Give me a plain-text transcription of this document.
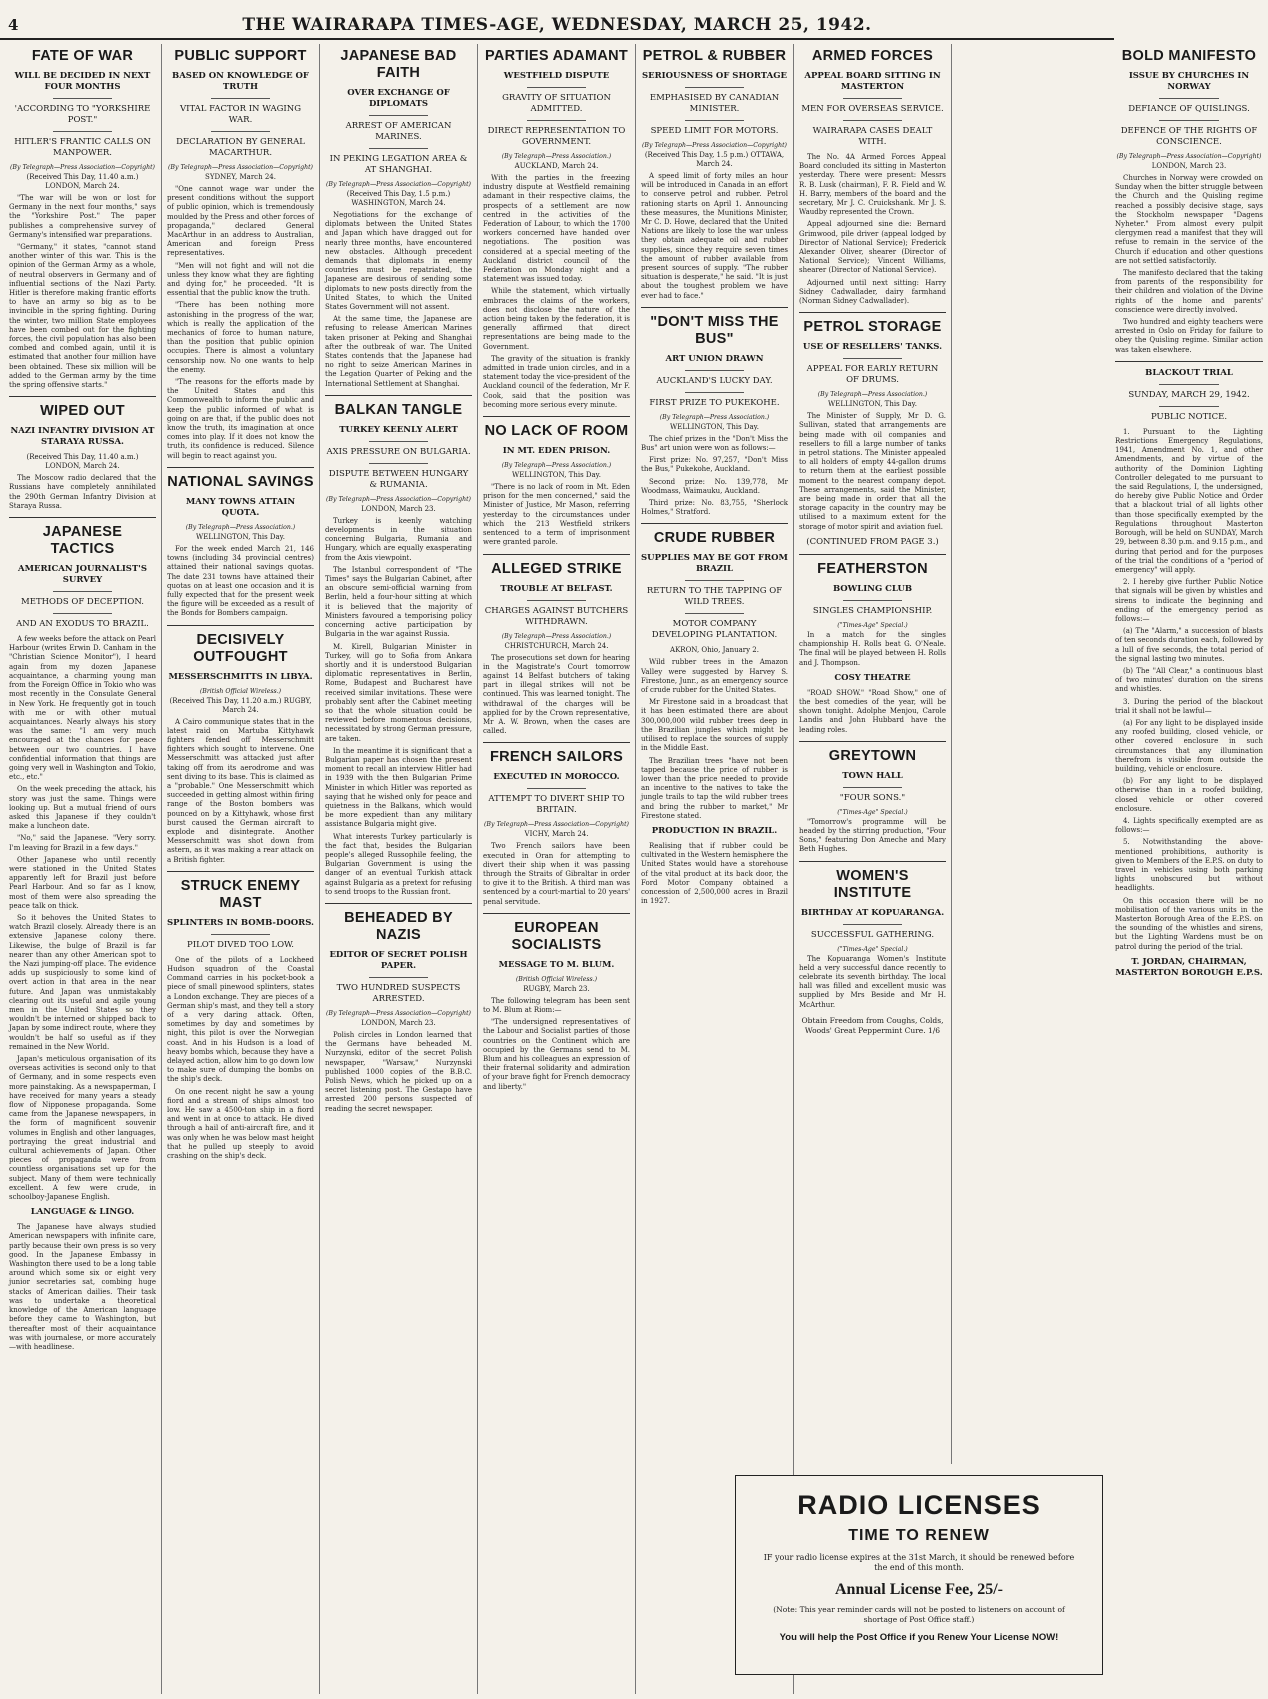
4	THE WAIRARAPA TIMES-AGE, WEDNESDAY, MARCH 25, 1942.
FATE OF WAR
WILL BE DECIDED IN NEXT FOUR MONTHS
'ACCORDING TO "YORKSHIRE POST."
HITLER'S FRANTIC CALLS ON MANPOWER.
(By Telegraph—Press Association—Copyright)
(Received This Day, 11.40 a.m.) LONDON, March 24.

"The war will be won or lost for Germany in the next four months," says the "Yorkshire Post." The paper publishes a comprehensive survey of Germany's intensified war preparations.

"Germany," it states, "cannot stand another winter of this war. This is the opinion of the German Army as a whole, of neutral observers in Germany and of influential sections of the Nazi Party. Hitler is therefore making frantic efforts to have an army so big as to be invincible in the spring fighting. During the winter, two million State employees have been combed out for the fighting forces, the civil population has also been combed and combed again, until it is estimated that another four million have been obtained. These six million will be added to the German army by the time the spring offensive starts."

WIPED OUT
NAZI INFANTRY DIVISION AT STARAYA RUSSA.
(Received This Day, 11.40 a.m.) LONDON, March 24.

The Moscow radio declared that the Russians have completely annihilated the 290th German Infantry Division at Staraya Russa.

JAPANESE TACTICS
AMERICAN JOURNALIST'S SURVEY
METHODS OF DECEPTION.
AND AN EXODUS TO BRAZIL.

A few weeks before the attack on Pearl Harbour (writes Erwin D. Canham in the "Christian Science Monitor"), I heard again from my dozen Japanese acquaintance, a charming young man from the Foreign Office in Tokio who was most recently in the Consulate General in New York. He frequently got in touch with me or with other mutual acquaintances. Nearly always his story was the same: "I am very much encouraged at the chances for peace between our two countries. I have confidential information that things are going very well in Washington and Tokio, etc., etc."

On the week preceding the attack, his story was just the same. Things were looking up. But a mutual friend of ours asked this Japanese if they couldn't make a luncheon date.

"No," said the Japanese. "Very sorry. I'm leaving for Brazil in a few days."

Other Japanese who until recently were stationed in the United States apparently left for Brazil just before Pearl Harbour. And so far as I know, most of them were also spreading the peace talk on thick.

So it behoves the United States to watch Brazil closely. Already there is an extensive Japanese colony there. Likewise, the bulge of Brazil is far nearer than any other American spot to the Nazi jumping-off place. The evidence adds up suspiciously to some kind of overt action in that area in the near future. And Japan was unmistakably clearing out its useful and agile young men in the United States so they wouldn't be interned or shipped back to Japan by some indirect route, where they wouldn't be half so useful as if they remained in the New World.

Japan's meticulous organisation of its overseas activities is second only to that of Germany, and in some respects even more painstaking. As a newspaperman, I have received for many years a steady flow of Nipponese propaganda. Some came from the Japanese newspapers, in the form of magnificent souvenir volumes in English and other languages, portraying the great industrial and cultural achievements of Japan. Other pieces of propaganda were from countless organisations set up for the subject. Many of them were technically excellent. A few were crude, in schoolboy-Japanese English.

LANGUAGE & LINGO.

The Japanese have always studied American newspapers with infinite care, partly because their own press is so very good. In the Japanese Embassy in Washington there used to be a long table around which some six or eight very junior secretaries sat, combing huge stacks of American dailies. Their task was to undertake a theoretical knowledge of the American language before they came to Washington, but thereafter most of their acquaintance was with journalese, or more accurately—with headlinese.

PUBLIC SUPPORT
BASED ON KNOWLEDGE OF TRUTH
VITAL FACTOR IN WAGING WAR.
DECLARATION BY GENERAL MACARTHUR.
(By Telegraph—Press Association—Copyright)
SYDNEY, March 24.

"One cannot wage war under the present conditions without the support of public opinion, which is tremendously moulded by the Press and other forces of propaganda," declared General MacArthur in an address to Australian, American and foreign Press representatives.

"Men will not fight and will not die unless they know what they are fighting and dying for," he proceeded. "It is essential that the public know the truth.

"There has been nothing more astonishing in the progress of the war, which is really the application of the mechanics of force to human nature, than the position that public opinion occupies. There is almost a voluntary censorship now. No one wants to help the enemy.

"The reasons for the efforts made by the United States and this Commonwealth to inform the public and keep the public informed of what is going on are that, if the public does not know the truth, its imagination at once comes into play. If it does not know the truth, its confidence is reduced. Silence will begin to react against you.

NATIONAL SAVINGS
MANY TOWNS ATTAIN QUOTA.
(By Telegraph—Press Association.)
WELLINGTON, This Day.

For the week ended March 21, 146 towns (including 34 provincial centres) attained their national savings quotas. The date 231 towns have attained their quotas on at least one occasion and it is fully expected that for the present week the figure will be exceeded as a result of the Bonds for Bombers campaign.

DECISIVELY OUTFOUGHT
MESSERSCHMITTS IN LIBYA.
(British Official Wireless.)
(Received This Day, 11.20 a.m.) RUGBY, March 24.

A Cairo communique states that in the latest raid on Martuba Kittyhawk fighters fended off Messerschmitt fighters which sought to intervene. One Messerschmitt was attacked just after taking off from its aerodrome and was sent diving to its base. This is claimed as a "probable." One Messerschmitt which succeeded in getting almost within firing range of the Boston bombers was pounced on by a Kittyhawk, whose first burst caused the German aircraft to explode and disintegrate. Another Messerschmitt was shot down from astern, as it was making a rear attack on a British fighter.

STRUCK ENEMY MAST
SPLINTERS IN BOMB-DOORS.
PILOT DIVED TOO LOW.

One of the pilots of a Lockheed Hudson squadron of the Coastal Command carries in his pocket-book a piece of small pinewood splinters, states a London exchange. They are pieces of a German ship's mast, and they tell a story of a very daring attack. Often, sometimes by day and sometimes by night, this pilot is over the Norwegian coast. And in his Hudson is a load of heavy bombs which, because they have a delayed action, allow him to go down low to make sure of dumping the bombs on the ship's deck.

On one recent night he saw a young fiord and a stream of ships almost too low. He saw a 4500-ton ship in a fiord and went in at once to attack. He dived through a hail of anti-aircraft fire, and it was only when he was below mast height that he pulled up steeply to avoid crashing on the ship's deck.

JAPANESE BAD FAITH
OVER EXCHANGE OF DIPLOMATS
ARREST OF AMERICAN MARINES.
IN PEKING LEGATION AREA & AT SHANGHAI.
(By Telegraph—Press Association—Copyright)
(Received This Day, 1.5 p.m.) WASHINGTON, March 24.

Negotiations for the exchange of diplomats between the United States and Japan which have dragged out for nearly three months, have encountered new obstacles. Although precedent demands that diplomats in enemy countries must be repatriated, the Japanese are desirous of sending some diplomats to new posts directly from the United States, to which the United States Government will not assent.

At the same time, the Japanese are refusing to release American Marines taken prisoner at Peking and Shanghai after the outbreak of war. The United States contends that the Japanese had no right to seize American Marines in the Legation Quarter of Peking and the International Settlement at Shanghai.

BALKAN TANGLE
TURKEY KEENLY ALERT
AXIS PRESSURE ON BULGARIA.
DISPUTE BETWEEN HUNGARY & RUMANIA.
(By Telegraph—Press Association—Copyright)
LONDON, March 23.

Turkey is keenly watching developments in the situation concerning Bulgaria, Rumania and Hungary, which are equally exasperating from the Axis viewpoint.

The Istanbul correspondent of "The Times" says the Bulgarian Cabinet, after an obscure semi-official warning from Berlin, held a four-hour sitting at which it is believed that the majority of Ministers favoured a temporising policy concerning active participation by Bulgaria in the war against Russia.

M. Kirell, Bulgarian Minister in Turkey, will go to Sofia from Ankara shortly and it is understood Bulgarian diplomatic representatives in Berlin, Rome, Budapest and Bucharest have received similar invitations. These were probably sent after the Cabinet meeting so that the whole situation could be reviewed before momentous decisions, necessitated by strong German pressure, are taken.

In the meantime it is significant that a Bulgarian paper has chosen the present moment to recall an interview Hitler had in 1939 with the then Bulgarian Prime Minister in which Hitler was reported as saying that he wished only for peace and quietness in the Balkans, which would be more expedient than any military assistance Bulgaria might give.

What interests Turkey particularly is the fact that, besides the Bulgarian people's alleged Russophile feeling, the Bulgarian Government is using the danger of an eventual Turkish attack against Bulgaria as a pretext for refusing to send troops to the Russian front.

BEHEADED BY NAZIS
EDITOR OF SECRET POLISH PAPER.
TWO HUNDRED SUSPECTS ARRESTED.
(By Telegraph—Press Association—Copyright)
LONDON, March 23.

Polish circles in London learned that the Germans have beheaded M. Nurzynski, editor of the secret Polish newspaper, "Warsaw," Nurzynski published 1000 copies of the B.B.C. Polish News, which he picked up on a secret listening post. The Gestapo have arrested 200 persons suspected of reading the secret newspaper.

PARTIES ADAMANT
WESTFIELD DISPUTE
GRAVITY OF SITUATION ADMITTED.
DIRECT REPRESENTATION TO GOVERNMENT.
(By Telegraph—Press Association.)
AUCKLAND, March 24.

With the parties in the freezing industry dispute at Westfield remaining adamant in their respective claims, the prospects of a settlement are now centred in the activities of the Federation of Labour, to which the 1700 workers concerned have handed over negotiations. The position was considered at a special meeting of the Auckland district council of the Federation on Monday night and a statement was issued today.

While the statement, which virtually embraces the claims of the workers, does not disclose the nature of the action being taken by the federation, it is generally affirmed that direct representations are being made to the Government.

The gravity of the situation is frankly admitted in trade union circles, and in a statement today the vice-president of the Auckland council of the federation, Mr F. Cook, said that the position was becoming more serious every minute.

NO LACK OF ROOM
IN MT. EDEN PRISON.
(By Telegraph—Press Association.)
WELLINGTON, This Day.

"There is no lack of room in Mt. Eden prison for the men concerned," said the Minister of Justice, Mr Mason, referring yesterday to the circumstances under which the 213 Westfield strikers sentenced to a term of imprisonment were granted parole.

ALLEGED STRIKE
TROUBLE AT BELFAST.
CHARGES AGAINST BUTCHERS WITHDRAWN.
(By Telegraph—Press Association.)
CHRISTCHURCH, March 24.

The prosecutions set down for hearing in the Magistrate's Court tomorrow against 14 Belfast butchers of taking part in illegal strikes will not be continued. This was learned tonight. The withdrawal of the charges will be applied for by the Crown representative, Mr A. W. Brown, when the cases are called.

FRENCH SAILORS
EXECUTED IN MOROCCO.
ATTEMPT TO DIVERT SHIP TO BRITAIN.
(By Telegraph—Press Association—Copyright)
VICHY, March 24.

Two French sailors have been executed in Oran for attempting to divert their ship when it was passing through the Straits of Gibraltar in order to give it to the British. A third man was sentenced by a court-martial to 20 years' penal servitude.

EUROPEAN SOCIALISTS
MESSAGE TO M. BLUM.
(British Official Wireless.)
RUGBY, March 23.

The following telegram has been sent to M. Blum at Riom:—

"The undersigned representatives of the Labour and Socialist parties of those countries on the Continent which are occupied by the Germans send to M. Blum and his colleagues an expression of their fraternal solidarity and admiration of your brave fight for French democracy and liberty."

PETROL & RUBBER
SERIOUSNESS OF SHORTAGE
EMPHASISED BY CANADIAN MINISTER.
SPEED LIMIT FOR MOTORS.
(By Telegraph—Press Association—Copyright)
(Received This Day, 1.5 p.m.) OTTAWA, March 24.

A speed limit of forty miles an hour will be introduced in Canada in an effort to conserve petrol and rubber. Petrol rationing starts on April 1. Announcing these measures, the Munitions Minister, Mr C. D. Howe, declared that the United Nations are likely to lose the war unless they obtain adequate oil and rubber supplies, since they require seven times the amount of rubber available from present sources of supply. "The rubber situation is desperate," he said. "It is just about the toughest problem we have ever had to face."

"DON'T MISS THE BUS"
ART UNION DRAWN
AUCKLAND'S LUCKY DAY.
FIRST PRIZE TO PUKEKOHE.
(By Telegraph—Press Association.)
WELLINGTON, This Day.

The chief prizes in the "Don't Miss the Bus" art union were won as follows:—

First prize: No. 97,257, "Don't Miss the Bus," Pukekohe, Auckland.

Second prize: No. 139,778, Mr Woodmass, Waimauku, Auckland.

Third prize: No. 83,755, "Sherlock Holmes," Stratford.

CRUDE RUBBER
SUPPLIES MAY BE GOT FROM BRAZIL
RETURN TO THE TAPPING OF WILD TREES.
MOTOR COMPANY DEVELOPING PLANTATION.
AKRON, Ohio, January 2.

Wild rubber trees in the Amazon Valley were suggested by Harvey S. Firestone, Junr., as an emergency source of crude rubber for the United States.

Mr Firestone said in a broadcast that it has been estimated there are about 300,000,000 wild rubber trees deep in the Brazilian jungles which might be utilised to replace the sources of supply in the Middle East.

The Brazilian trees "have not been tapped because the price of rubber is lower than the price needed to provide an incentive to the natives to take the jungle trails to tap the wild rubber trees and bring the rubber to market," Mr Firestone stated.

PRODUCTION IN BRAZIL.

Realising that if rubber could be cultivated in the Western hemisphere the United States would have a storehouse of the vital product at its back door, the Ford Motor Company obtained a concession of 2,500,000 acres in Brazil in 1927.

ARMED FORCES
APPEAL BOARD SITTING IN MASTERTON
MEN FOR OVERSEAS SERVICE.
WAIRARAPA CASES DEALT WITH.

The No. 4A Armed Forces Appeal Board concluded its sitting in Masterton yesterday. There were present: Messrs R. B. Lusk (chairman), F. R. Field and W. H. Barry, members of the board and the secretary, Mr J. C. Cruickshank. Mr J. S. Waudby represented the Crown.

Appeal adjourned sine die: Bernard Grimwood, pile driver (appeal lodged by Director of National Service); Frederick Alexander Oliver, shearer (Director of National Service); Vincent Williams, shearer (Director of National Service).

Adjourned until next sitting: Harry Sidney Cadwallader, dairy farmhand (Norman Sidney Cadwallader).

PETROL STORAGE
USE OF RESELLERS' TANKS.
APPEAL FOR EARLY RETURN OF DRUMS.
(By Telegraph—Press Association.)
WELLINGTON, This Day.

The Minister of Supply, Mr D. G. Sullivan, stated that arrangements are being made with oil companies and resellers to fill a large number of tanks in petrol stations. The Minister appealed to all holders of empty 44-gallon drums to return them at the earliest possible moment to the nearest company depot. These arrangements, said the Minister, are being made in order that all the storage capacity in the country may be utilised to a maximum extent for the storage of motor spirit and aviation fuel.

(CONTINUED FROM PAGE 3.)
FEATHERSTON
BOWLING CLUB
SINGLES CHAMPIONSHIP.
("Times-Age" Special.)

In a match for the singles championship H. Rolls beat G. O'Neale. The final will be played between H. Rolls and J. Thompson.

COSY THEATRE

"ROAD SHOW." "Road Show," one of the best comedies of the year, will be shown tonight. Adolphe Menjou, Carole Landis and John Hubbard have the leading roles.

GREYTOWN
TOWN HALL
"FOUR SONS."
("Times-Age" Special.)

"Tomorrow's programme will be headed by the stirring production, "Four Sons," featuring Don Ameche and Mary Beth Hughes.

WOMEN'S INSTITUTE
BIRTHDAY AT KOPUARANGA.
SUCCESSFUL GATHERING.
("Times-Age" Special.)

The Kopuaranga Women's Institute held a very successful dance recently to celebrate its seventh birthday. The local hall was filled and excellent music was supplied by Mrs Beside and Mr H. McArthur.

Obtain Freedom from Coughs, Colds, Woods' Great Peppermint Cure. 1/6
BOLD MANIFESTO
ISSUE BY CHURCHES IN NORWAY
DEFIANCE OF QUISLINGS.
DEFENCE OF THE RIGHTS OF CONSCIENCE.
(By Telegraph—Press Association—Copyright)
LONDON, March 23.

Churches in Norway were crowded on Sunday when the bitter struggle between the Church and the Quisling regime reached a possibly decisive stage, says the Stockholm newspaper "Dagens Nyheter." From almost every pulpit clergymen read a manifest that they will refuse to remain in the service of the Church if education and other questions are not settled satisfactorily.

The manifesto declared that the taking from parents of the responsibility for their children and violation of the Divine rights of the home and parents' conscience were directly involved.

Two hundred and eighty teachers were arrested in Oslo on Friday for failure to obey the Quisling regime. Similar action was taken elsewhere.

BLACKOUT TRIAL
SUNDAY, MARCH 29, 1942.
PUBLIC NOTICE.

1. Pursuant to the Lighting Restrictions Emergency Regulations, 1941, Amendment No. 1, and other Amendments, and by virtue of the authority of the Dominion Lighting Controller delegated to me pursuant to the said Regulations, I, the undersigned, do hereby give Public Notice and Order that a blackout trial of all lights other than those specifically exempted by the Regulations throughout Masterton Borough, will be held on SUNDAY, March 29, between 8.30 p.m. and 9.15 p.m., and during that period and for the purposes of the trial the conditions of a "period of emergency" will apply.

2. I hereby give further Public Notice that signals will be given by whistles and sirens to indicate the beginning and ending of the emergency period as follows:—

(a) The "Alarm," a succession of blasts of ten seconds duration each, followed by a lull of five seconds, the total period of the signal lasting two minutes.

(b) The "All Clear," a continuous blast of two minutes' duration on the sirens and whistles.

3. During the period of the blackout trial it shall not be lawful—

(a) For any light to be displayed inside any roofed building, closed vehicle, or other covered enclosure in such circumstances that any illumination therefrom is visible from outside the building, vehicle or enclosure.

(b) For any light to be displayed otherwise than in a roofed building, closed vehicle or other covered enclosure.

4. Lights specifically exempted are as follows:—

5. Notwithstanding the above-mentioned prohibitions, authority is given to Members of the E.P.S. on duty to travel in vehicles using both parking lights unobscured but without headlights.

On this occasion there will be no mobilisation of the various units in the Masterton Borough Area of the E.P.S. on the sounding of the whistles and sirens, but the Lighting Wardens must be on patrol during the period of the trial.

T. JORDAN, CHAIRMAN, MASTERTON BOROUGH E.P.S.
RADIO LICENSES
TIME TO RENEW
IF your radio license expires at the 31st March, it should be renewed before the end of this month.
Annual License Fee, 25/-
(Note: This year reminder cards will not be posted to listeners on account of shortage of Post Office staff.)
You will help the Post Office if you Renew Your License NOW!
